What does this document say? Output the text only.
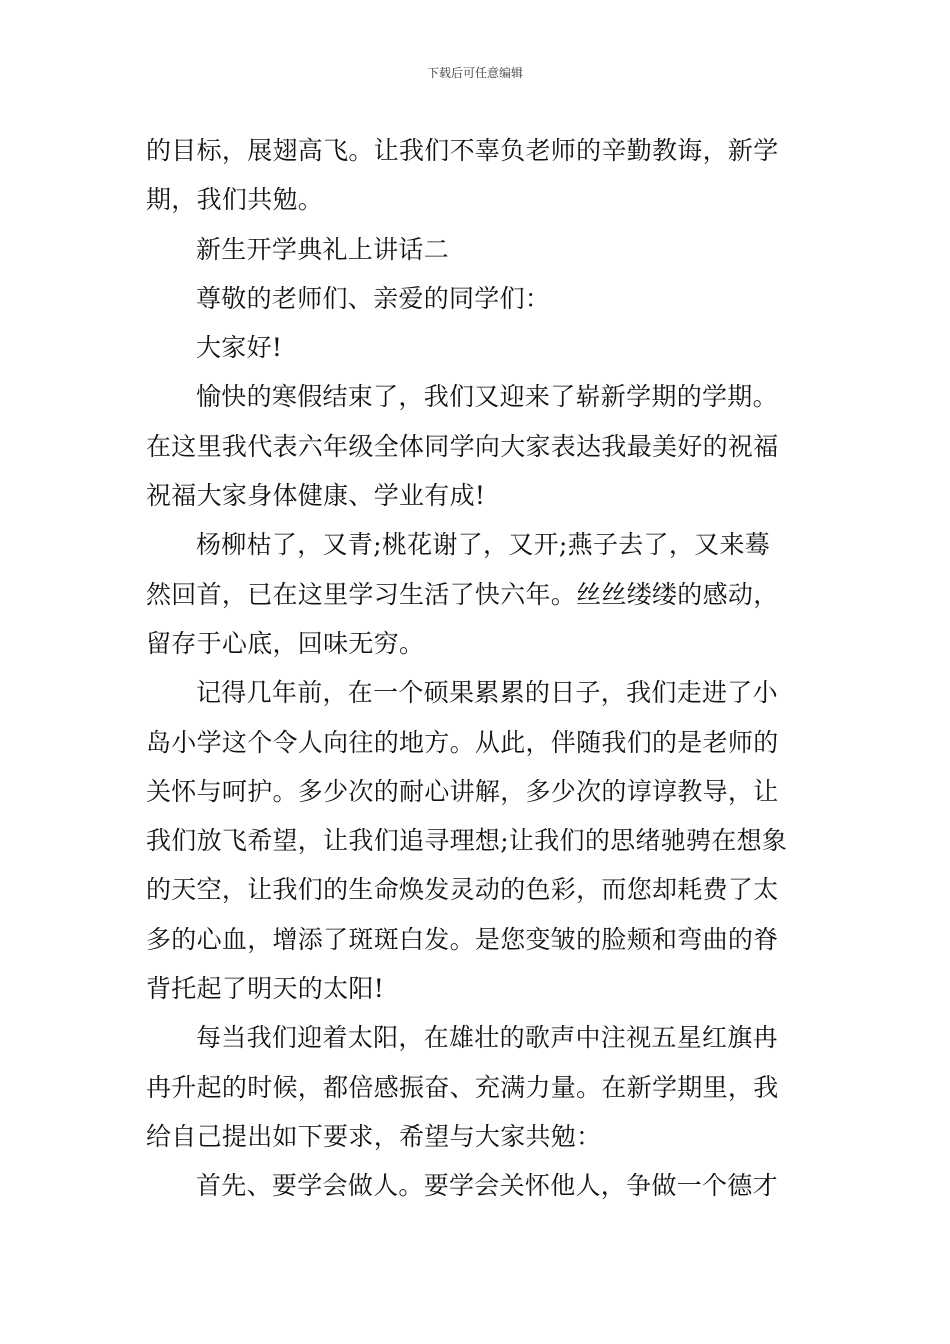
下载后可任意编辑
的目标，展翅高飞。让我们不辜负老师的辛勤教诲，新学
期，我们共勉。
新生开学典礼上讲话二
尊敬的老师们、亲爱的同学们：
大家好!
愉快的寒假结束了，我们又迎来了崭新学期的学期。
在这里我代表六年级全体同学向大家表达我最美好的祝福
祝福大家身体健康、学业有成!
杨柳枯了，又青;桃花谢了，又开;燕子去了，又来蓦
然回首，已在这里学习生活了快六年。丝丝缕缕的感动，
留存于心底，回味无穷。
记得几年前，在一个硕果累累的日子，我们走进了小
岛小学这个令人向往的地方。从此，伴随我们的是老师的
关怀与呵护。多少次的耐心讲解，多少次的谆谆教导，让
我们放飞希望，让我们追寻理想;让我们的思绪驰骋在想象
的天空，让我们的生命焕发灵动的色彩，而您却耗费了太
多的心血，增添了斑斑白发。是您变皱的脸颊和弯曲的脊
背托起了明天的太阳!
每当我们迎着太阳，在雄壮的歌声中注视五星红旗冉
冉升起的时候，都倍感振奋、充满力量。在新学期里，我
给自己提出如下要求，希望与大家共勉：
首先、要学会做人。要学会关怀他人，争做一个德才
